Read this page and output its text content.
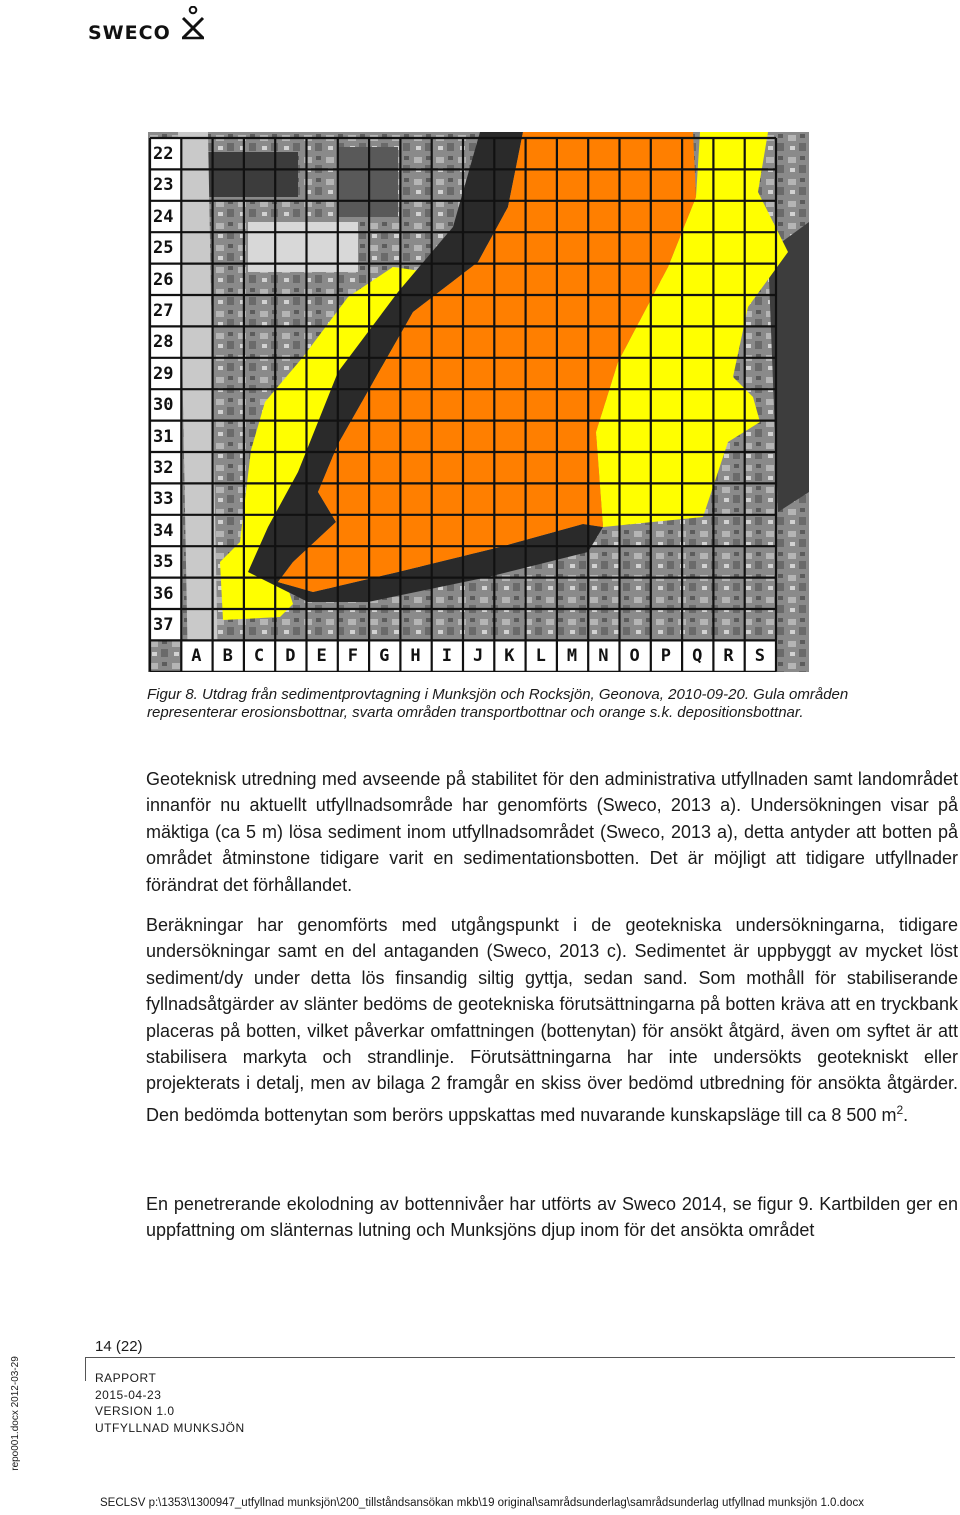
SWECO
22
23
24
25
26
27
28
29
30
31
32
33
34
35
36
37
A B C D E F G H I J K L M N O P Q R S
Figur 8. Utdrag från sedimentprovtagning i Munksjön och Rocksjön, Geonova, 2010-09-20. Gula områden
representerar erosionsbottnar, svarta områden transportbottnar och orange s.k. depositionsbottnar.

Geoteknisk utredning med avseende på stabilitet för den administrativa utfyllnaden samt landområdet innanför nu aktuellt utfyllnadsområde har genomförts (Sweco, 2013 a). Undersökningen visar på mäktiga (ca 5 m) lösa sediment inom utfyllnadsområdet (Sweco, 2013 a), detta antyder att botten på området åtminstone tidigare varit en sedimentationsbotten. Det är möjligt att tidigare utfyllnader förändrat det förhållandet.

Beräkningar har genomförts med utgångspunkt i de geotekniska undersökningarna, tidigare undersökningar samt en del antaganden (Sweco, 2013 c). Sedimentet är uppbyggt av mycket löst sediment/dy under detta lös finsandig siltig gyttja, sedan sand. Som mothåll för stabiliserande fyllnadsåtgärder av slänter bedöms de geotekniska förutsättningarna på botten kräva att en tryckbank placeras på botten, vilket påverkar omfattningen (bottenytan) för ansökt åtgärd, även om syftet är att stabilisera markyta och strandlinje. Förutsättningarna har inte undersökts geotekniskt eller projekterats i detalj, men av bilaga 2 framgår en skiss över bedömd utbredning för ansökta åtgärder. Den bedömda bottenytan som berörs uppskattas med nuvarande kunskapsläge till ca 8 500 $m^2$.

En penetrerande ekolodning av bottennivåer har utförts av Sweco 2014, se figur 9. Kartbilden ger en uppfattning om slänternas lutning och Munksjöns djup inom för det ansökta området

14 (22)
RAPPORT
2015-04-23
VERSION 1.0
UTFYLLNAD MUNKSJÖN
repo001.docx 2012-03-29
SECLSV p:\1353\1300947_utfyllnad munksjön\200_tillståndsansökan mkb\19 original\samrådsunderlag\samrådsunderlag utfyllnad munksjön 1.0.docx
